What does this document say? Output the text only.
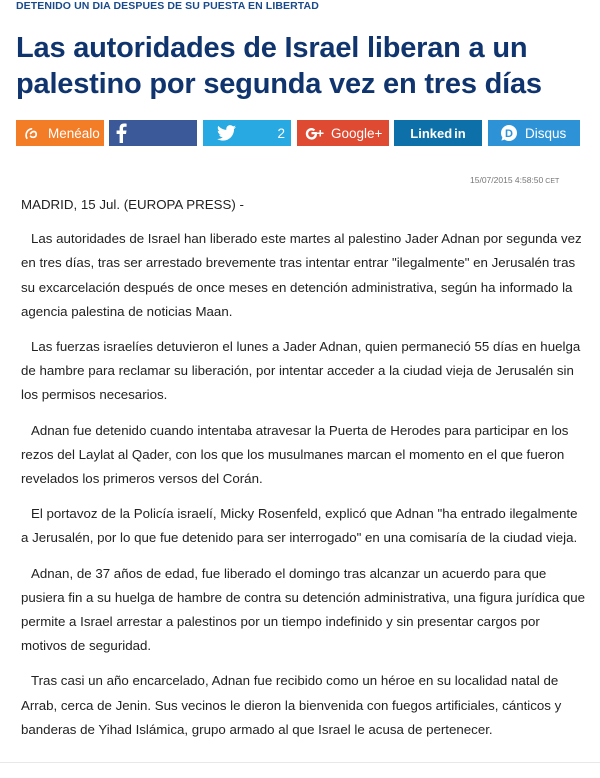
DETENIDO UN DIA DESPUES DE SU PUESTA EN LIBERTAD
Las autoridades de Israel liberan a un palestino por segunda vez en tres días
Menéalo	2	Google+ Linked in	D Disqus
15/07/2015 4:58:50 CET

MADRID, 15 Jul. (EUROPA PRESS) -

Las autoridades de Israel han liberado este martes al palestino Jader Adnan por segunda vez en tres días, tras ser arrestado brevemente tras intentar entrar "ilegalmente" en Jerusalén tras su excarcelación después de once meses en detención administrativa, según ha informado la agencia palestina de noticias Maan.

Las fuerzas israelíes detuvieron el lunes a Jader Adnan, quien permaneció 55 días en huelga de hambre para reclamar su liberación, por intentar acceder a la ciudad vieja de Jerusalén sin los permisos necesarios.

Adnan fue detenido cuando intentaba atravesar la Puerta de Herodes para participar en los rezos del Laylat al Qader, con los que los musulmanes marcan el momento en el que fueron revelados los primeros versos del Corán.

El portavoz de la Policía israelí, Micky Rosenfeld, explicó que Adnan "ha entrado ilegalmente a Jerusalén, por lo que fue detenido para ser interrogado" en una comisaría de la ciudad vieja.

Adnan, de 37 años de edad, fue liberado el domingo tras alcanzar un acuerdo para que pusiera fin a su huelga de hambre de contra su detención administrativa, una figura jurídica que permite a Israel arrestar a palestinos por un tiempo indefinido y sin presentar cargos por motivos de seguridad.

Tras casi un año encarcelado, Adnan fue recibido como un héroe en su localidad natal de Arrab, cerca de Jenin. Sus vecinos le dieron la bienvenida con fuegos artificiales, cánticos y banderas de Yihad Islámica, grupo armado al que Israel le acusa de pertenecer.
